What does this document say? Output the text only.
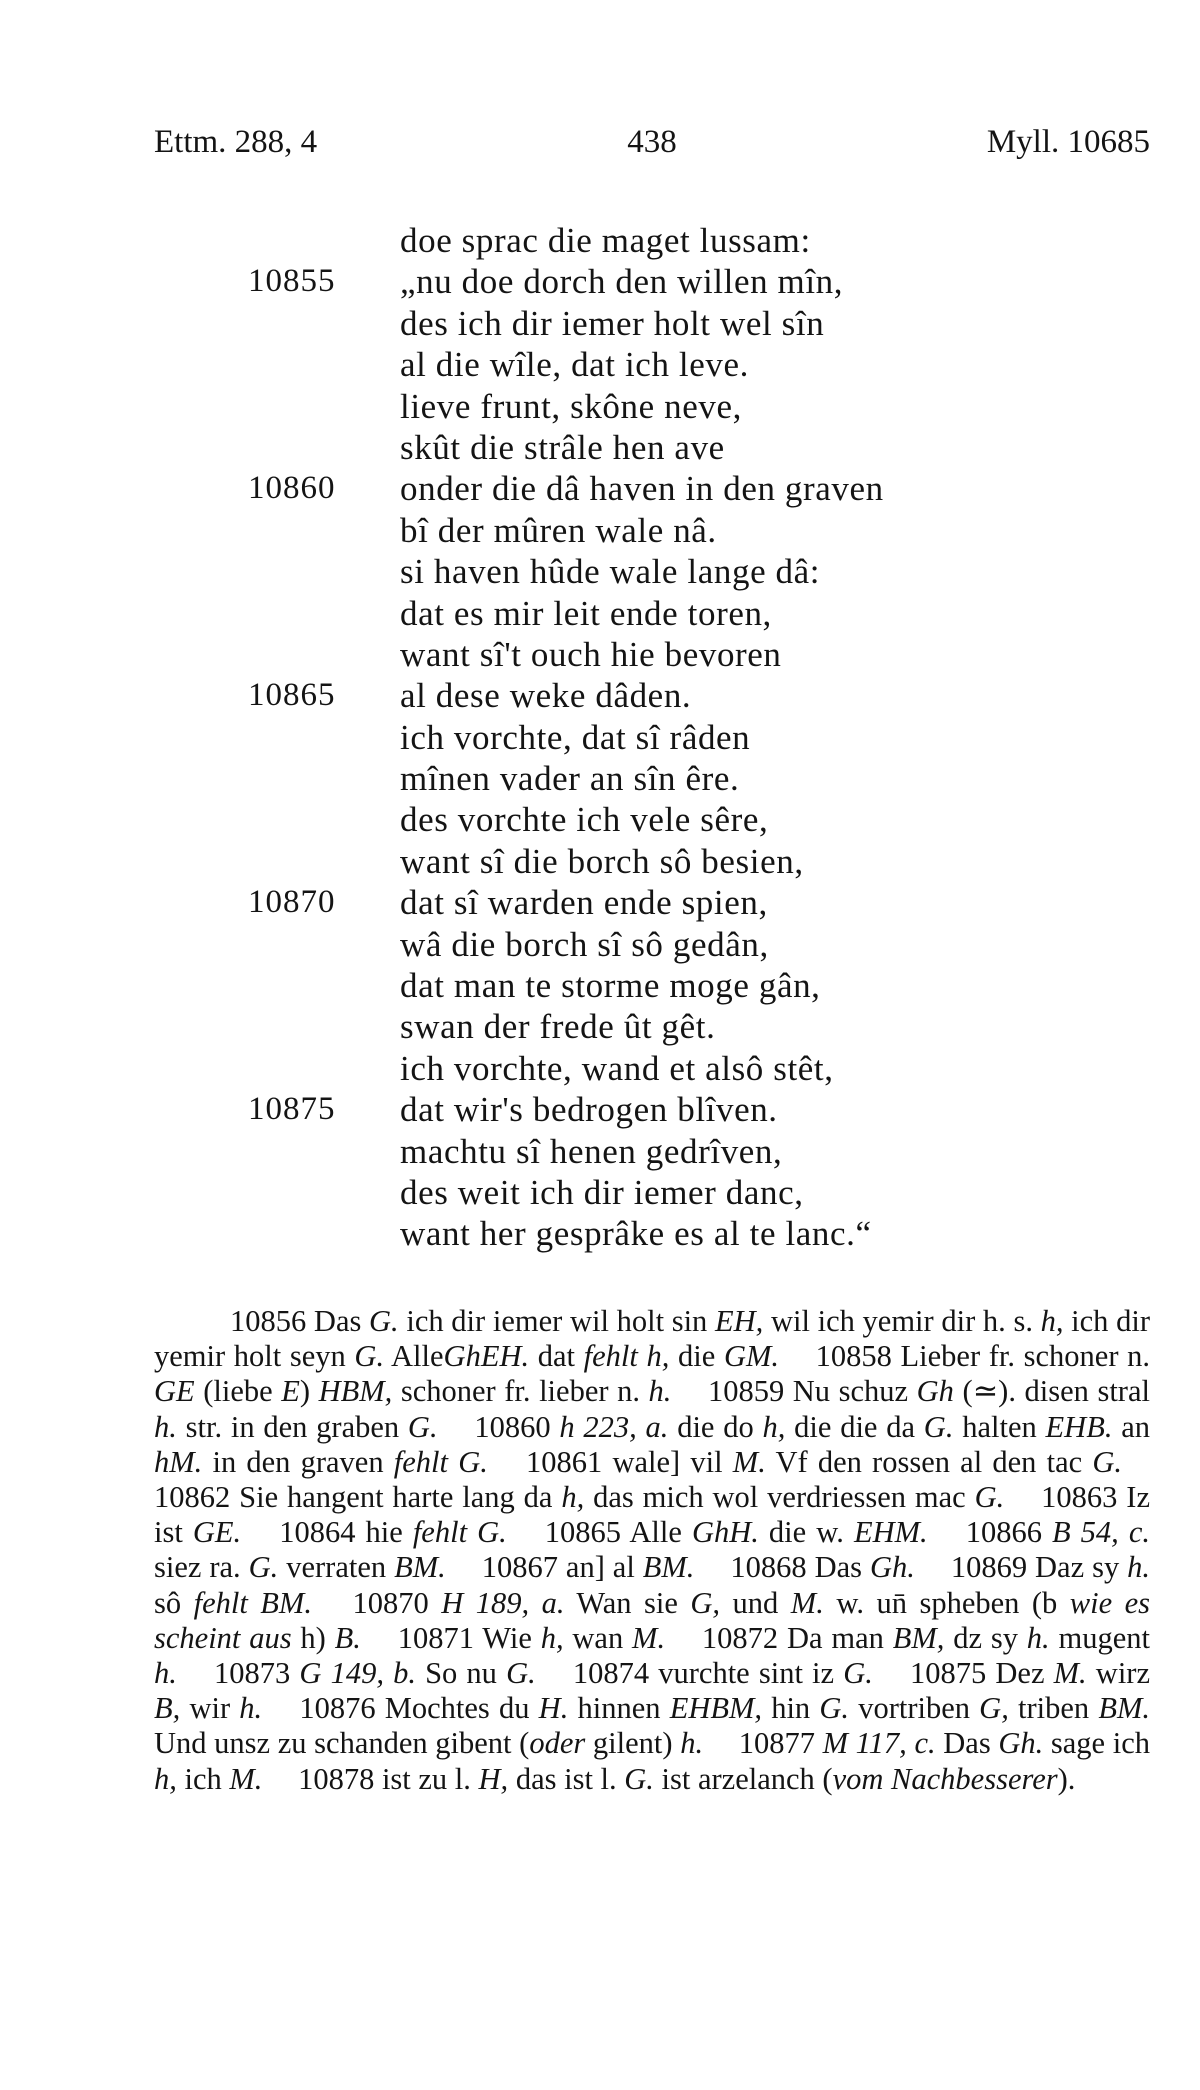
Ettm. 288, 4	438	Myll. 10685
doe sprac die maget lussam:
10855 „nu doe dorch den willen mîn,
des ich dir iemer holt wel sîn
al die wîle, dat ich leve.
lieve frunt, skône neve,
skût die strâle hen ave
10860 onder die dâ haven in den graven
bî der mûren wale nâ.
si haven hûde wale lange dâ:
dat es mir leit ende toren,
want sî't ouch hie bevoren
10865 al dese weke dâden.
ich vorchte, dat sî râden
mînen vader an sîn êre.
des vorchte ich vele sêre,
want sî die borch sô besien,
10870 dat sî warden ende spien,
wâ die borch sî sô gedân,
dat man te storme moge gân,
swan der frede ût gêt.
ich vorchte, wand et alsô stêt,
10875 dat wir's bedrogen blîven.
machtu sî henen gedrîven,
des weit ich dir iemer danc,
want her gesprâke es al te lanc.“

10856 Das G. ich dir iemer wil holt sin EH, wil ich yemir dir h. s. h, ich dir yemir holt seyn G. AlleGhEH. dat fehlt h, die GM. 10858 Lieber fr. schoner n. GE (liebe E) HBM, schoner fr. lieber n. h. 10859 Nu schuz Gh (≃). disen stral h. str. in den graben G. 10860 h 223, a. die do h, die die da G. halten EHB. an hM. in den graven fehlt G. 10861 wale] vil M. Vf den rossen al den tac G. 10862 Sie hangent harte lang da h, das mich wol verdriessen mac G. 10863 Iz ist GE. 10864 hie fehlt G. 10865 Alle GhH. die w. EHM. 10866 B 54, c. siez ra. G. verraten BM. 10867 an] al BM. 10868 Das Gh. 10869 Daz sy h. sô fehlt BM. 10870 H 189, a. Wan sie G, und M. w. un̄ spheben (b wie es scheint aus h) B. 10871 Wie h, wan M. 10872 Da man BM, dz sy h. mugent h. 10873 G 149, b. So nu G. 10874 vurchte sint iz G. 10875 Dez M. wirz B, wir h. 10876 Mochtes du H. hinnen EHBM, hin G. vortriben G, triben BM. Und unsz zu schanden gibent (oder gilent) h. 10877 M 117, c. Das Gh. sage ich h, ich M. 10878 ist zu l. H, das ist l. G. ist arzelanch (vom Nachbesserer).
